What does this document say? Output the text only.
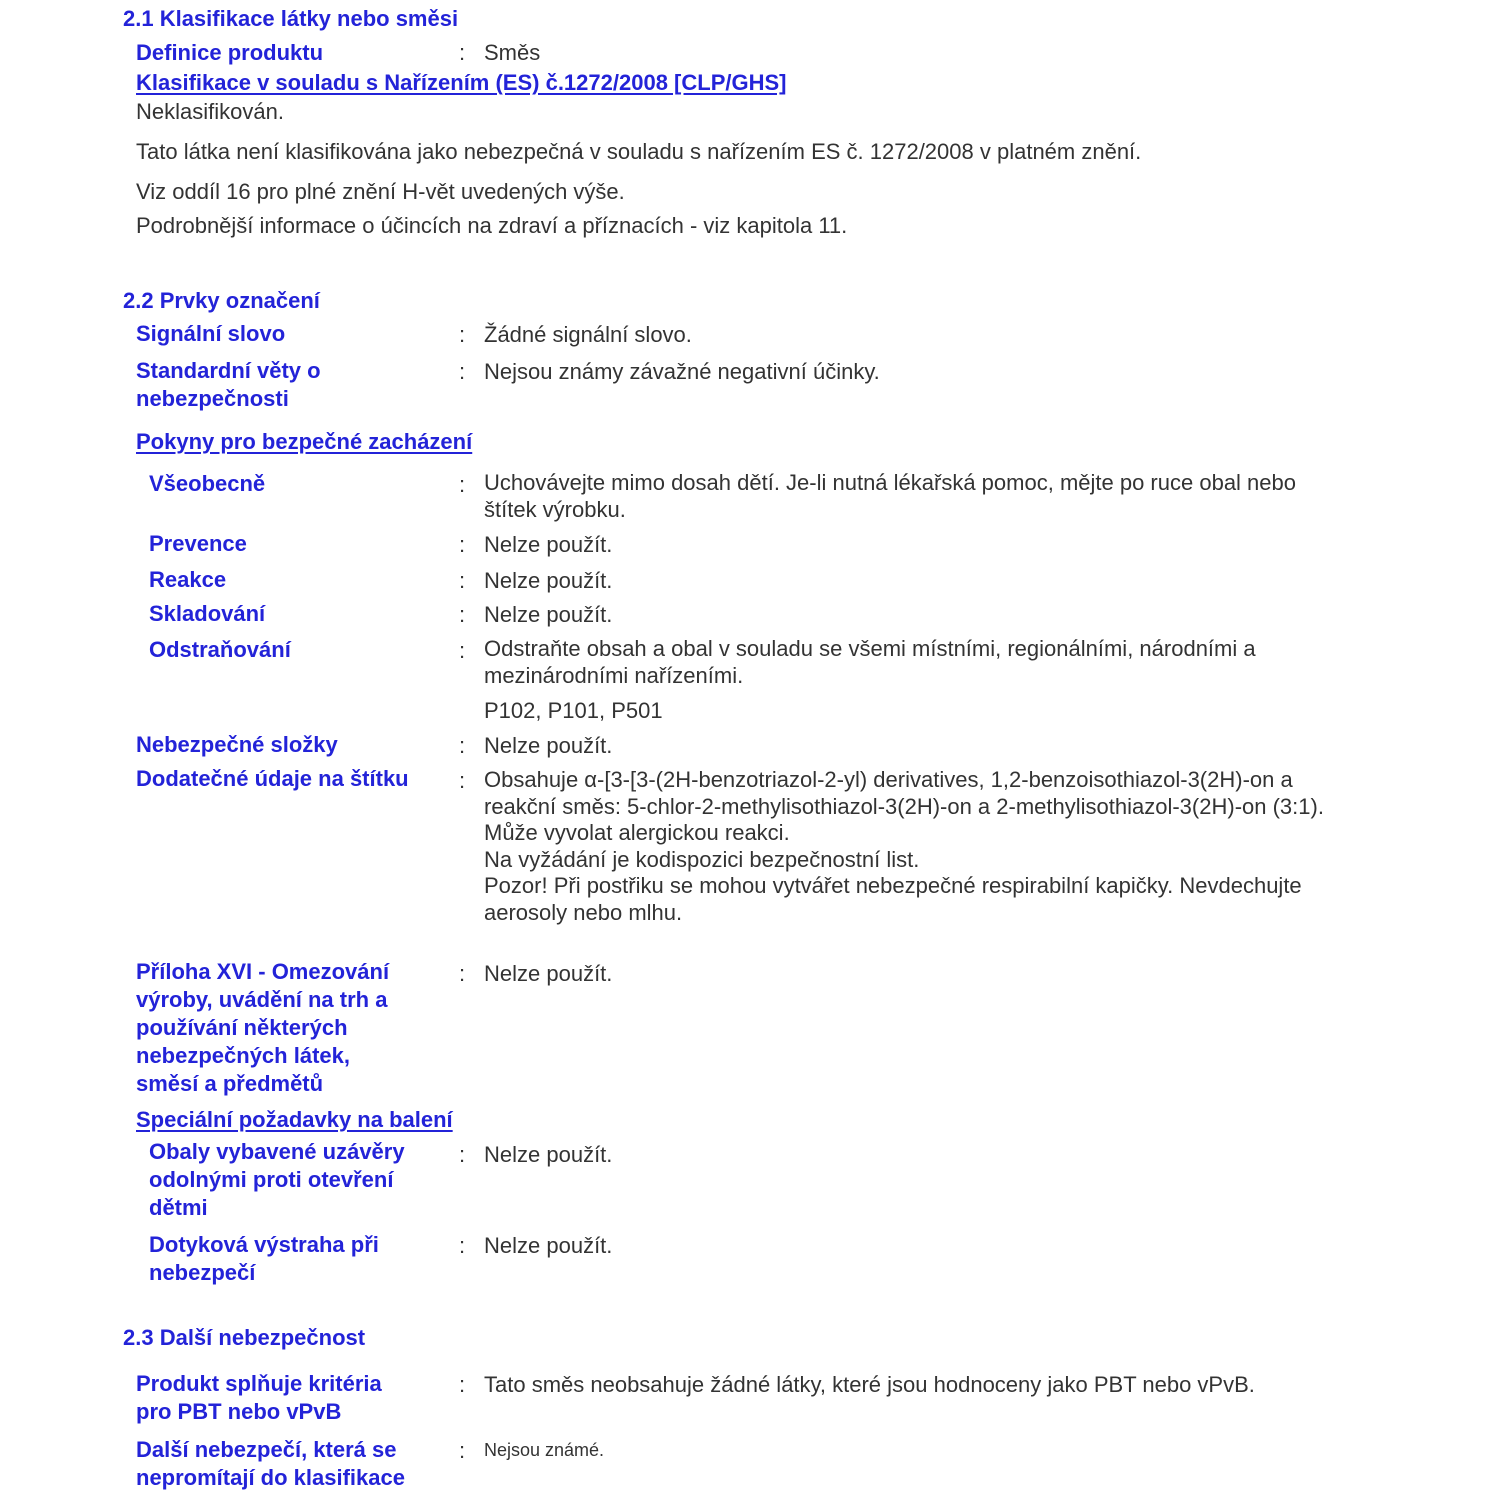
2.1 Klasifikace látky nebo směsi
Definice produktu	: Směs
Klasifikace v souladu s Nařízením (ES) č.1272/2008 [CLP/GHS]
Neklasifikován.
Tato látka není klasifikována jako nebezpečná v souladu s nařízením ES č. 1272/2008 v platném znění.
Viz oddíl 16 pro plné znění H-vět uvedených výše.
Podrobnější informace o účincích na zdraví a příznacích - viz kapitola 11.
2.2 Prvky označení
Signální slovo	: Žádné signální slovo.
Standardní věty o
nebezpečnosti
: Nejsou známy závažné negativní účinky.
Pokyny pro bezpečné zacházení
Všeobecně	: Uchovávejte mimo dosah dětí. Je-li nutná lékařská pomoc, mějte po ruce obal nebo
štítek výrobku.
Prevence	: Nelze použít.
Reakce	: Nelze použít.
Skladování	: Nelze použít.
Odstraňování	: Odstraňte obsah a obal v souladu se všemi místními, regionálními, národními a
mezinárodními nařízeními.
P102, P101, P501
Nebezpečné složky	: Nelze použít.
Dodatečné údaje na štítku : Obsahuje α-[3-[3-(2H-benzotriazol-2-yl) derivatives, 1,2-benzoisothiazol-3(2H)-on a
reakční směs: 5-chlor-2-methylisothiazol-3(2H)-on a 2-methylisothiazol-3(2H)-on (3:1).
Může vyvolat alergickou reakci.
Na vyžádání je kodispozici bezpečnostní list.
Pozor! Při postřiku se mohou vytvářet nebezpečné respirabilní kapičky. Nevdechujte
aerosoly nebo mlhu.
Příloha XVI - Omezování
výroby, uvádění na trh a
používání některých
nebezpečných látek,
směsí a předmětů
: Nelze použít.
Speciální požadavky na balení
Obaly vybavené uzávěry
odolnými proti otevření
dětmi
: Nelze použít.
Dotyková výstraha při
nebezpečí
: Nelze použít.
2.3 Další nebezpečnost
Produkt splňuje kritéria
pro PBT nebo vPvB
: Tato směs neobsahuje žádné látky, které jsou hodnoceny jako PBT nebo vPvB.
Další nebezpečí, která se
nepromítají do klasifikace
: Nejsou známé.
